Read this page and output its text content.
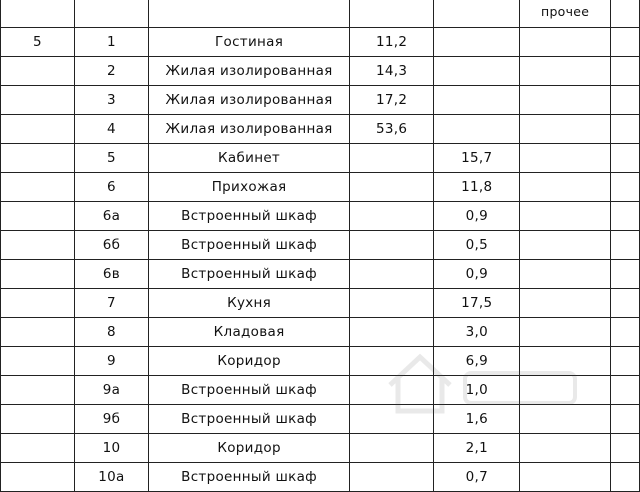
					прочее	
5	1	Гостиная	11,2			
	2	Жилая изолированная	14,3			
	3	Жилая изолированная	17,2			
	4	Жилая изолированная	53,6			
	5	Кабинет		15,7		
	6	Прихожая		11,8		
	6а	Встроенный шкаф		0,9		
	6б	Встроенный шкаф		0,5		
	6в	Встроенный шкаф		0,9		
	7	Кухня		17,5		
	8	Кладовая		3,0		
	9	Коридор		6,9		
	9а	Встроенный шкаф		1,0		
	9б	Встроенный шкаф		1,6		
	10	Коридор		2,1		
	10а	Встроенный шкаф		0,7		
